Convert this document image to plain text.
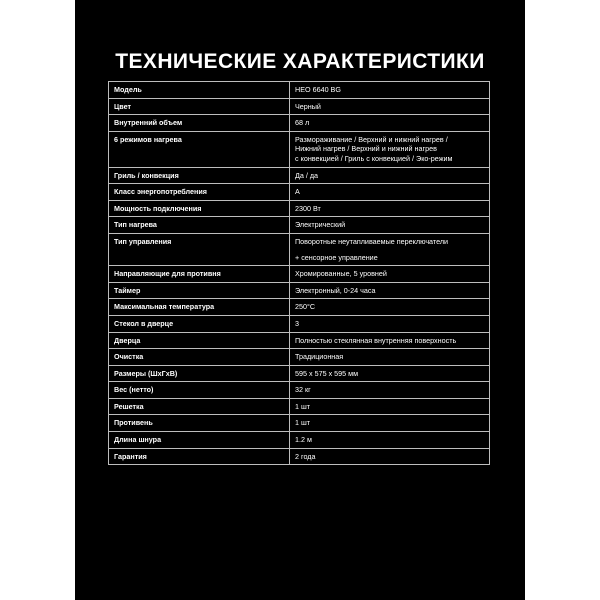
ТЕХНИЧЕСКИЕ ХАРАКТЕРИСТИКИ
Модель	HEO 6640 BG

Цвет	Черный

Внутренний объем	68 л

6 режимов нагрева	Размораживание / Верхний и нижний нагрев /
Нижний нагрев / Верхний и нижний нагрев
с конвекцией / Гриль с конвекцией / Эко-режим

Гриль / конвекция	Да / да

Класс энергопотребления	А

Мощность подключения	2300 Вт

Тип нагрева	Электрический

Тип управления	Поворотные неутапливаемые переключатели
+ сенсорное управление

Направляющие для противня	Хромированные, 5 уровней

Таймер	Электронный, 0-24 часа

Максимальная температура	250°C

Стекол в дверце	3

Дверца	Полностью стеклянная внутренняя поверхность

Очистка	Традиционная

Размеры (ШхГхВ)	595 x 575 x 595 мм

Вес (нетто)	32 кг

Решетка	1 шт

Противень	1 шт

Длина шнура	1.2 м

Гарантия	2 года
